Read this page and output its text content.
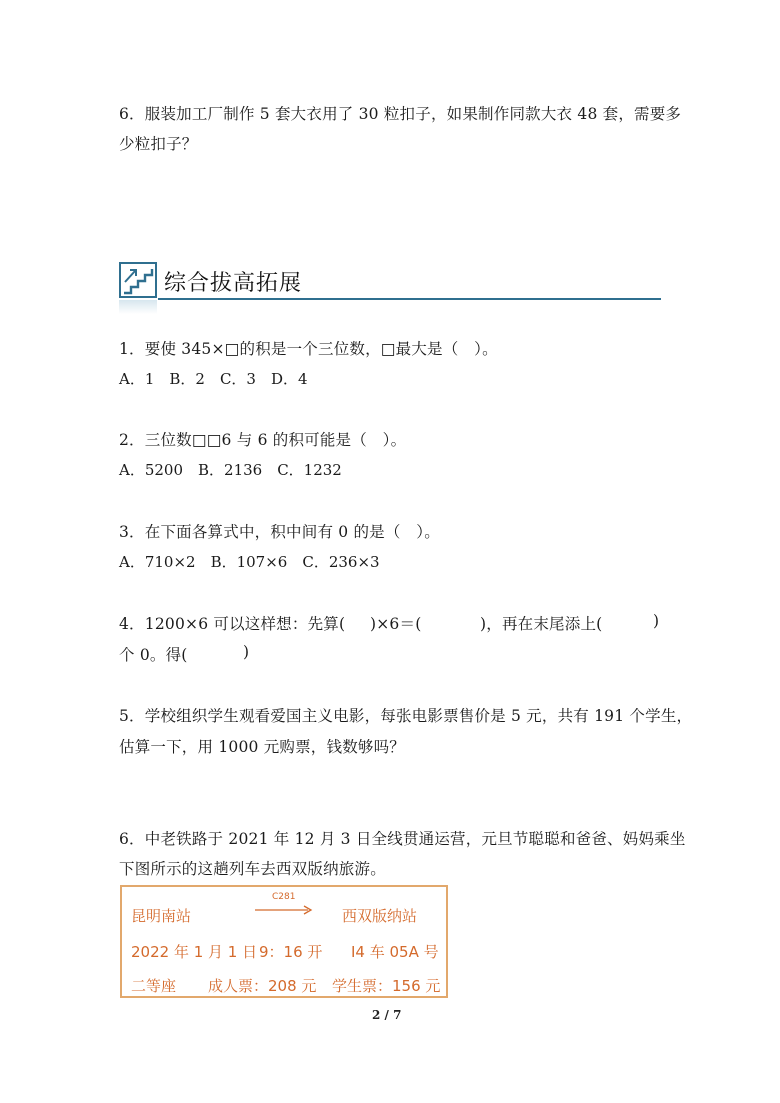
6．服装加工厂制作 5 套大衣用了 30 粒扣子，如果制作同款大衣 48 套，需要多
少粒扣子？
综合拔高拓展
1．要使 345×□的积是一个三位数，□最大是（　）。
A．1　B．2　C．3　D．4
2．三位数□□6 与 6 的积可能是（　）。
A．5200　B．2136　C．1232
3．在下面各算式中，积中间有 0 的是（　）。
A．710×2　B．107×6　C．236×3
4．1200×6 可以这样想：先算( )×6＝(	)，再在末尾添上(	)
个 0。得(	)
5．学校组织学生观看爱国主义电影，每张电影票售价是 5 元，共有 191 个学生，
估算一下，用 1000 元购票，钱数够吗？
6．中老铁路于 2021 年 12 月 3 日全线贯通运营，元旦节聪聪和爸爸、妈妈乘坐
下图所示的这趟列车去西双版纳旅游。
昆明南站
C281
西双版纳站
2022 年 1 月 1 日 9：16 开 I4 车 05A 号
二等座 成人票：208 元 学生票：156 元
2 / 7
